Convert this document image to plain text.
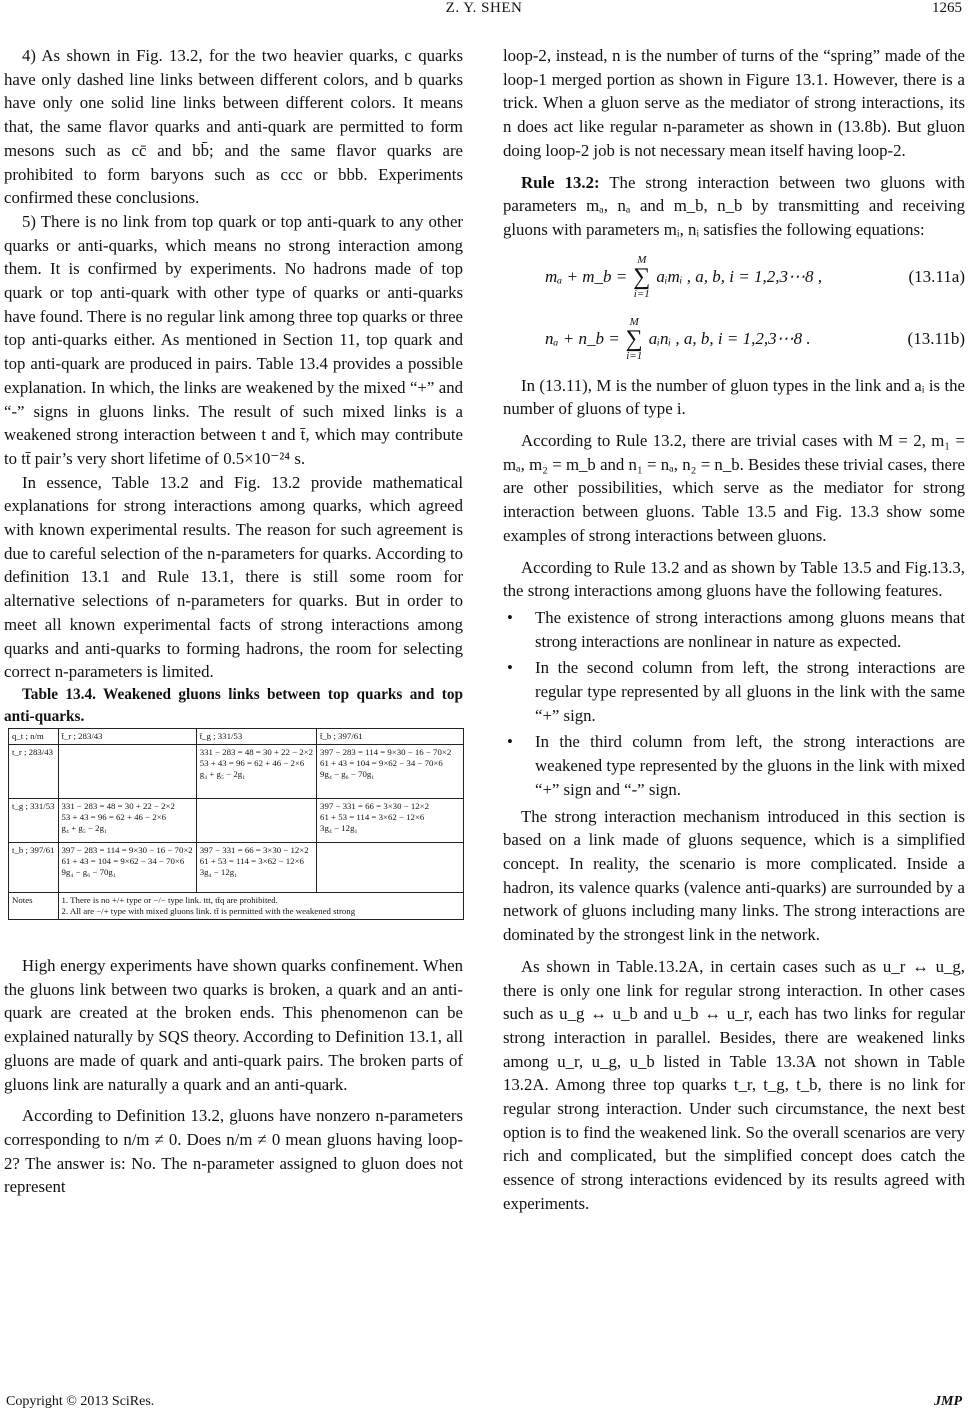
Z. Y. SHEN	1265

4) As shown in Fig. 13.2, for the two heavier quarks, c quarks have only dashed line links between different colors, and b quarks have only one solid line links between different colors. It means that, the same flavor quarks and anti-quark are permitted to form mesons such as cc̄ and bb̄; and the same flavor quarks are prohibited to form baryons such as ccc or bbb. Experiments confirmed these conclusions.

5) There is no link from top quark or top anti-quark to any other quarks or anti-quarks, which means no strong interaction among them. It is confirmed by experiments. No hadrons made of top quark or top anti-quark with other type of quarks or anti-quarks have found. There is no regular link among three top quarks or three top anti-quarks either. As mentioned in Section 11, top quark and top anti-quark are produced in pairs. Table 13.4 provides a possible explanation. In which, the links are weakened by the mixed “+” and “-” signs in gluons links. The result of such mixed links is a weakened strong interaction between t and t̄, which may contribute to tt̄ pair’s very short lifetime of 0.5×10⁻²⁴ s.

In essence, Table 13.2 and Fig. 13.2 provide mathematical explanations for strong interactions among quarks, which agreed with known experimental results. The reason for such agreement is due to careful selection of the n-parameters for quarks. According to definition 13.1 and Rule 13.1, there is still some room for alternative selections of n-parameters for quarks. But in order to meet all known experimental facts of strong interactions among quarks and anti-quarks to forming hadrons, the room for selecting correct n-parameters is limited.

Table 13.4. Weakened gluons links between top quarks and top anti-quarks.

q_t ; n/m	t̄_r ; 283/43	t̄_g ; 331/53	t̄_b ; 397/61

t_r ; 283/43		331 − 283 = 48 = 30 + 22 − 2×2
53 + 43 = 96 = 62 + 46 − 2×6
g₄ + g₅ − 2g₁	397 − 283 = 114 = 9×30 − 16 − 70×2
61 + 43 = 104 = 9×62 − 34 − 70×6
9g₄ − g₆ − 70g₁

t_g ; 331/53	331 − 283 = 48 = 30 + 22 − 2×2
53 + 43 = 96 = 62 + 46 − 2×6
g₄ + g₅ − 2g₁		397 − 331 = 66 = 3×30 − 12×2
61 + 53 = 114 = 3×62 − 12×6
3g₄ − 12g₁

t_b ; 397/61	397 − 283 = 114 = 9×30 − 16 − 70×2
61 + 43 = 104 = 9×62 − 34 − 70×6
9g₄ − g₆ − 70g₁	397 − 331 = 66 = 3×30 − 12×2
61 + 53 = 114 = 3×62 − 12×6
3g₄ − 12g₁	

Notes	1. There is no +/+ type or −/− type link. ttt, tt̄q are prohibited.
2. All are −/+ type with mixed gluons link. tt̄ is permitted with the weakened strong		

High energy experiments have shown quarks confinement. When the gluons link between two quarks is broken, a quark and an anti-quark are created at the broken ends. This phenomenon can be explained naturally by SQS theory. According to Definition 13.1, all gluons are made of quark and anti-quark pairs. The broken parts of gluons link are naturally a quark and an anti-quark.

According to Definition 13.2, gluons have nonzero n-parameters corresponding to n/m ≠ 0. Does n/m ≠ 0 mean gluons having loop-2? The answer is: No. The n-parameter assigned to gluon does not represent

loop-2, instead, n is the number of turns of the “spring” made of the loop-1 merged portion as shown in Figure 13.1. However, there is a trick. When a gluon serve as the mediator of strong interactions, its n does act like regular n-parameter as shown in (13.8b). But gluon doing loop-2 job is not necessary mean itself having loop-2.

Rule 13.2: The strong interaction between two gluons with parameters mₐ, nₐ and m_b, n_b by transmitting and receiving gluons with parameters mᵢ, nᵢ satisfies the following equations:

mₐ + m_b =
M
∑
i=1
aᵢmᵢ , a, b, i = 1,2,3⋯8 ,	(13.11a)
nₐ + n_b =
M
∑
i=1
aᵢnᵢ , a, b, i = 1,2,3⋯8 .	(13.11b)

In (13.11), M is the number of gluon types in the link and aᵢ is the number of gluons of type i.

According to Rule 13.2, there are trivial cases with M = 2, m₁ = mₐ, m₂ = m_b and n₁ = nₐ, n₂ = n_b. Besides these trivial cases, there are other possibilities, which serve as the mediator for strong interaction between gluons. Table 13.5 and Fig. 13.3 show some examples of strong interactions between gluons.

According to Rule 13.2 and as shown by Table 13.5 and Fig.13.3, the strong interactions among gluons have the following features.

• The existence of strong interactions among gluons means that strong interactions are nonlinear in nature as expected.
• In the second column from left, the strong interactions are regular type represented by all gluons in the link with the same “+” sign.
• In the third column from left, the strong interactions are weakened type represented by the gluons in the link with mixed “+” sign and “-” sign.

The strong interaction mechanism introduced in this section is based on a link made of gluons sequence, which is a simplified concept. In reality, the scenario is more complicated. Inside a hadron, its valence quarks (valence anti-quarks) are surrounded by a network of gluons including many links. The strong interactions are dominated by the strongest link in the network.

As shown in Table.13.2A, in certain cases such as u_r ↔ u_g, there is only one link for regular strong interaction. In other cases such as u_g ↔ u_b and u_b ↔ u_r, each has two links for regular strong interaction in parallel. Besides, there are weakened links among u_r, u_g, u_b listed in Table 13.3A not shown in Table 13.2A. Among three top quarks t_r, t_g, t_b, there is no link for regular strong interaction. Under such circumstance, the next best option is to find the weakened link. So the overall scenarios are very rich and complicated, but the simplified concept does catch the essence of strong interactions evidenced by its results agreed with experiments.

Copyright © 2013 SciRes.	JMP
